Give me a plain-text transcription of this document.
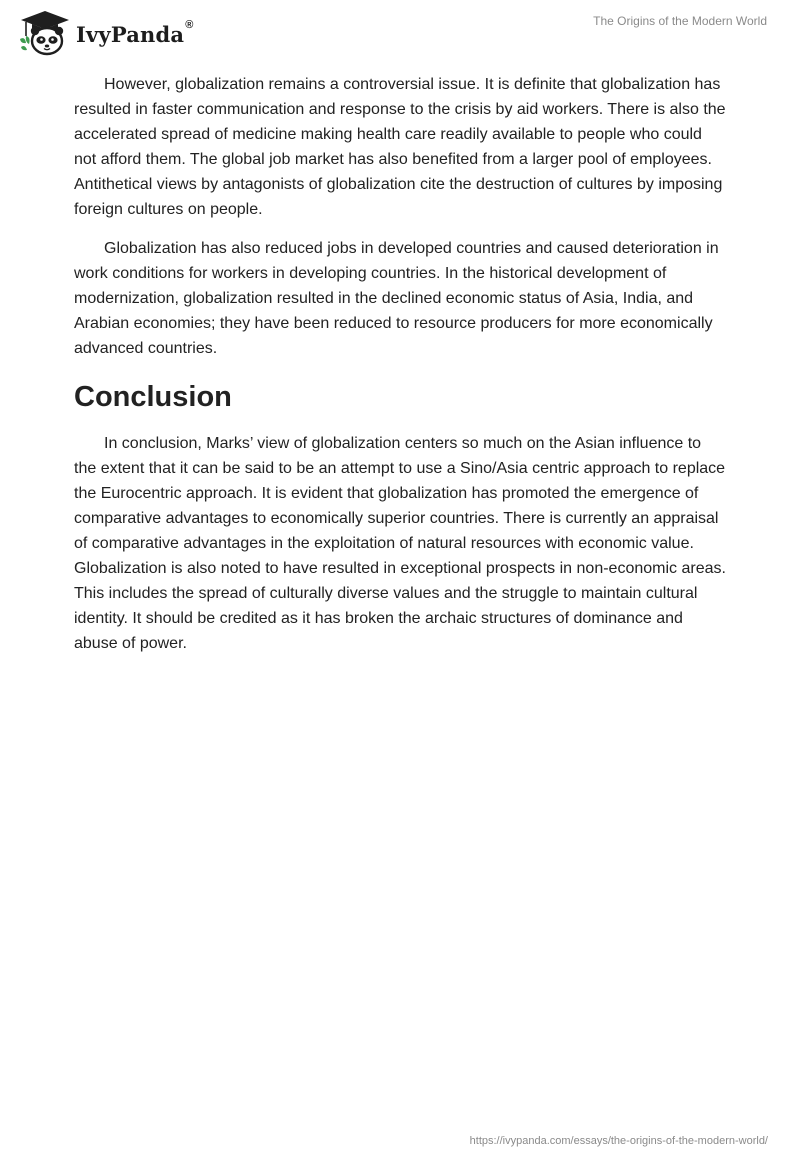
IvyPanda®	The Origins of the Modern World

However, globalization remains a controversial issue. It is definite that globalization has resulted in faster communication and response to the crisis by aid workers. There is also the accelerated spread of medicine making health care readily available to people who could not afford them. The global job market has also benefited from a larger pool of employees. Antithetical views by antagonists of globalization cite the destruction of cultures by imposing foreign cultures on people.

Globalization has also reduced jobs in developed countries and caused deterioration in work conditions for workers in developing countries. In the historical development of modernization, globalization resulted in the declined economic status of Asia, India, and Arabian economies; they have been reduced to resource producers for more economically advanced countries.

Conclusion

In conclusion, Marks’ view of globalization centers so much on the Asian influence to the extent that it can be said to be an attempt to use a Sino/Asia centric approach to replace the Eurocentric approach. It is evident that globalization has promoted the emergence of comparative advantages to economically superior countries. There is currently an appraisal of comparative advantages in the exploitation of natural resources with economic value. Globalization is also noted to have resulted in exceptional prospects in non-economic areas. This includes the spread of culturally diverse values and the struggle to maintain cultural identity. It should be credited as it has broken the archaic structures of dominance and abuse of power.

https://ivypanda.com/essays/the-origins-of-the-modern-world/
